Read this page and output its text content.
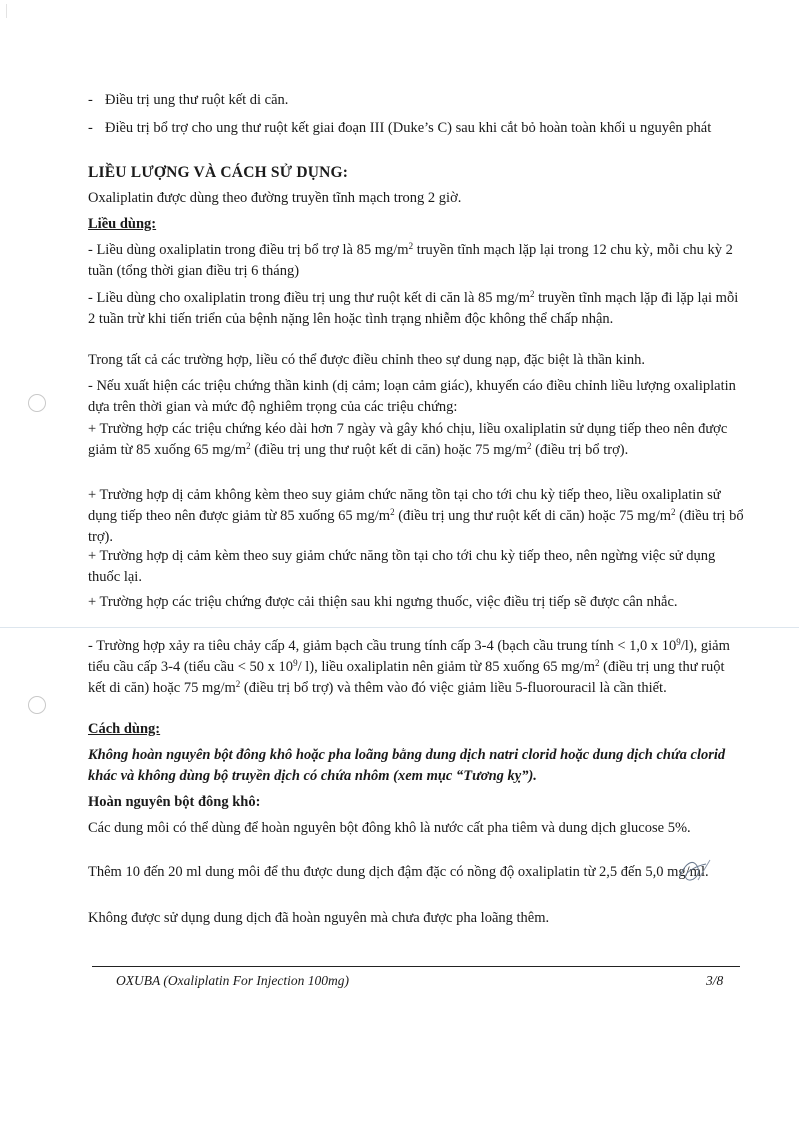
- Điều trị ung thư ruột kết di căn.
- Điều trị bổ trợ cho ung thư ruột kết giai đoạn III (Duke’s C) sau khi cắt bỏ hoàn toàn khối u nguyên phát
LIỀU LƯỢNG VÀ CÁCH SỬ DỤNG:
Oxaliplatin được dùng theo đường truyền tĩnh mạch trong 2 giờ.
Liều dùng:
- Liều dùng oxaliplatin trong điều trị bổ trợ là 85 $mg/m^2$ truyền tĩnh mạch lặp lại trong 12 chu kỳ, mỗi chu kỳ 2 tuần (tổng thời gian điều trị 6 tháng)
- Liều dùng cho oxaliplatin trong điều trị ung thư ruột kết di căn là 85 $mg/m^2$ truyền tĩnh mạch lặp đi lặp lại mỗi 2 tuần trừ khi tiến triển của bệnh nặng lên hoặc tình trạng nhiễm độc không thể chấp nhận.
Trong tất cả các trường hợp, liều có thể được điều chỉnh theo sự dung nạp, đặc biệt là thần kinh.
- Nếu xuất hiện các triệu chứng thần kinh (dị cảm; loạn cảm giác), khuyến cáo điều chỉnh liều lượng oxaliplatin dựa trên thời gian và mức độ nghiêm trọng của các triệu chứng:
+ Trường hợp các triệu chứng kéo dài hơn 7 ngày và gây khó chịu, liều oxaliplatin sử dụng tiếp theo nên được giảm từ 85 xuống 65 $mg/m^2$ (điều trị ung thư ruột kết di căn) hoặc 75 $mg/m^2$ (điều trị bổ trợ).
+ Trường hợp dị cảm không kèm theo suy giảm chức năng tồn tại cho tới chu kỳ tiếp theo, liều oxaliplatin sử dụng tiếp theo nên được giảm từ 85 xuống 65 $mg/m^2$ (điều trị ung thư ruột kết di căn) hoặc 75 $mg/m^2$ (điều trị bổ trợ).
+ Trường hợp dị cảm kèm theo suy giảm chức năng tồn tại cho tới chu kỳ tiếp theo, nên ngừng việc sử dụng thuốc lại.
+ Trường hợp các triệu chứng được cải thiện sau khi ngưng thuốc, việc điều trị tiếp sẽ được cân nhắc.
- Trường hợp xảy ra tiêu chảy cấp 4, giảm bạch cầu trung tính cấp 3-4 (bạch cầu trung tính < 1,0 x $10^9/l$), giảm tiểu cầu cấp 3-4 (tiểu cầu < 50 x $10^9/$ l), liều oxaliplatin nên giảm từ 85 xuống 65 $mg/m^2$ (điều trị ung thư ruột kết di căn) hoặc 75 $mg/m^2$ (điều trị bổ trợ) và thêm vào đó việc giảm liều 5-fluorouracil là cần thiết.
Cách dùng:
Không hoàn nguyên bột đông khô hoặc pha loãng bằng dung dịch natri clorid hoặc dung dịch chứa clorid khác và không dùng bộ truyền dịch có chứa nhôm (xem mục “Tương kỵ”).
Hoàn nguyên bột đông khô:
Các dung môi có thể dùng để hoàn nguyên bột đông khô là nước cất pha tiêm và dung dịch glucose 5%.
Thêm 10 đến 20 ml dung môi để thu được dung dịch đậm đặc có nồng độ oxaliplatin từ 2,5 đến 5,0 mg/ml.
Không được sử dụng dung dịch đã hoàn nguyên mà chưa được pha loãng thêm.
OXUBA (Oxaliplatin For Injection 100mg)	3/8
